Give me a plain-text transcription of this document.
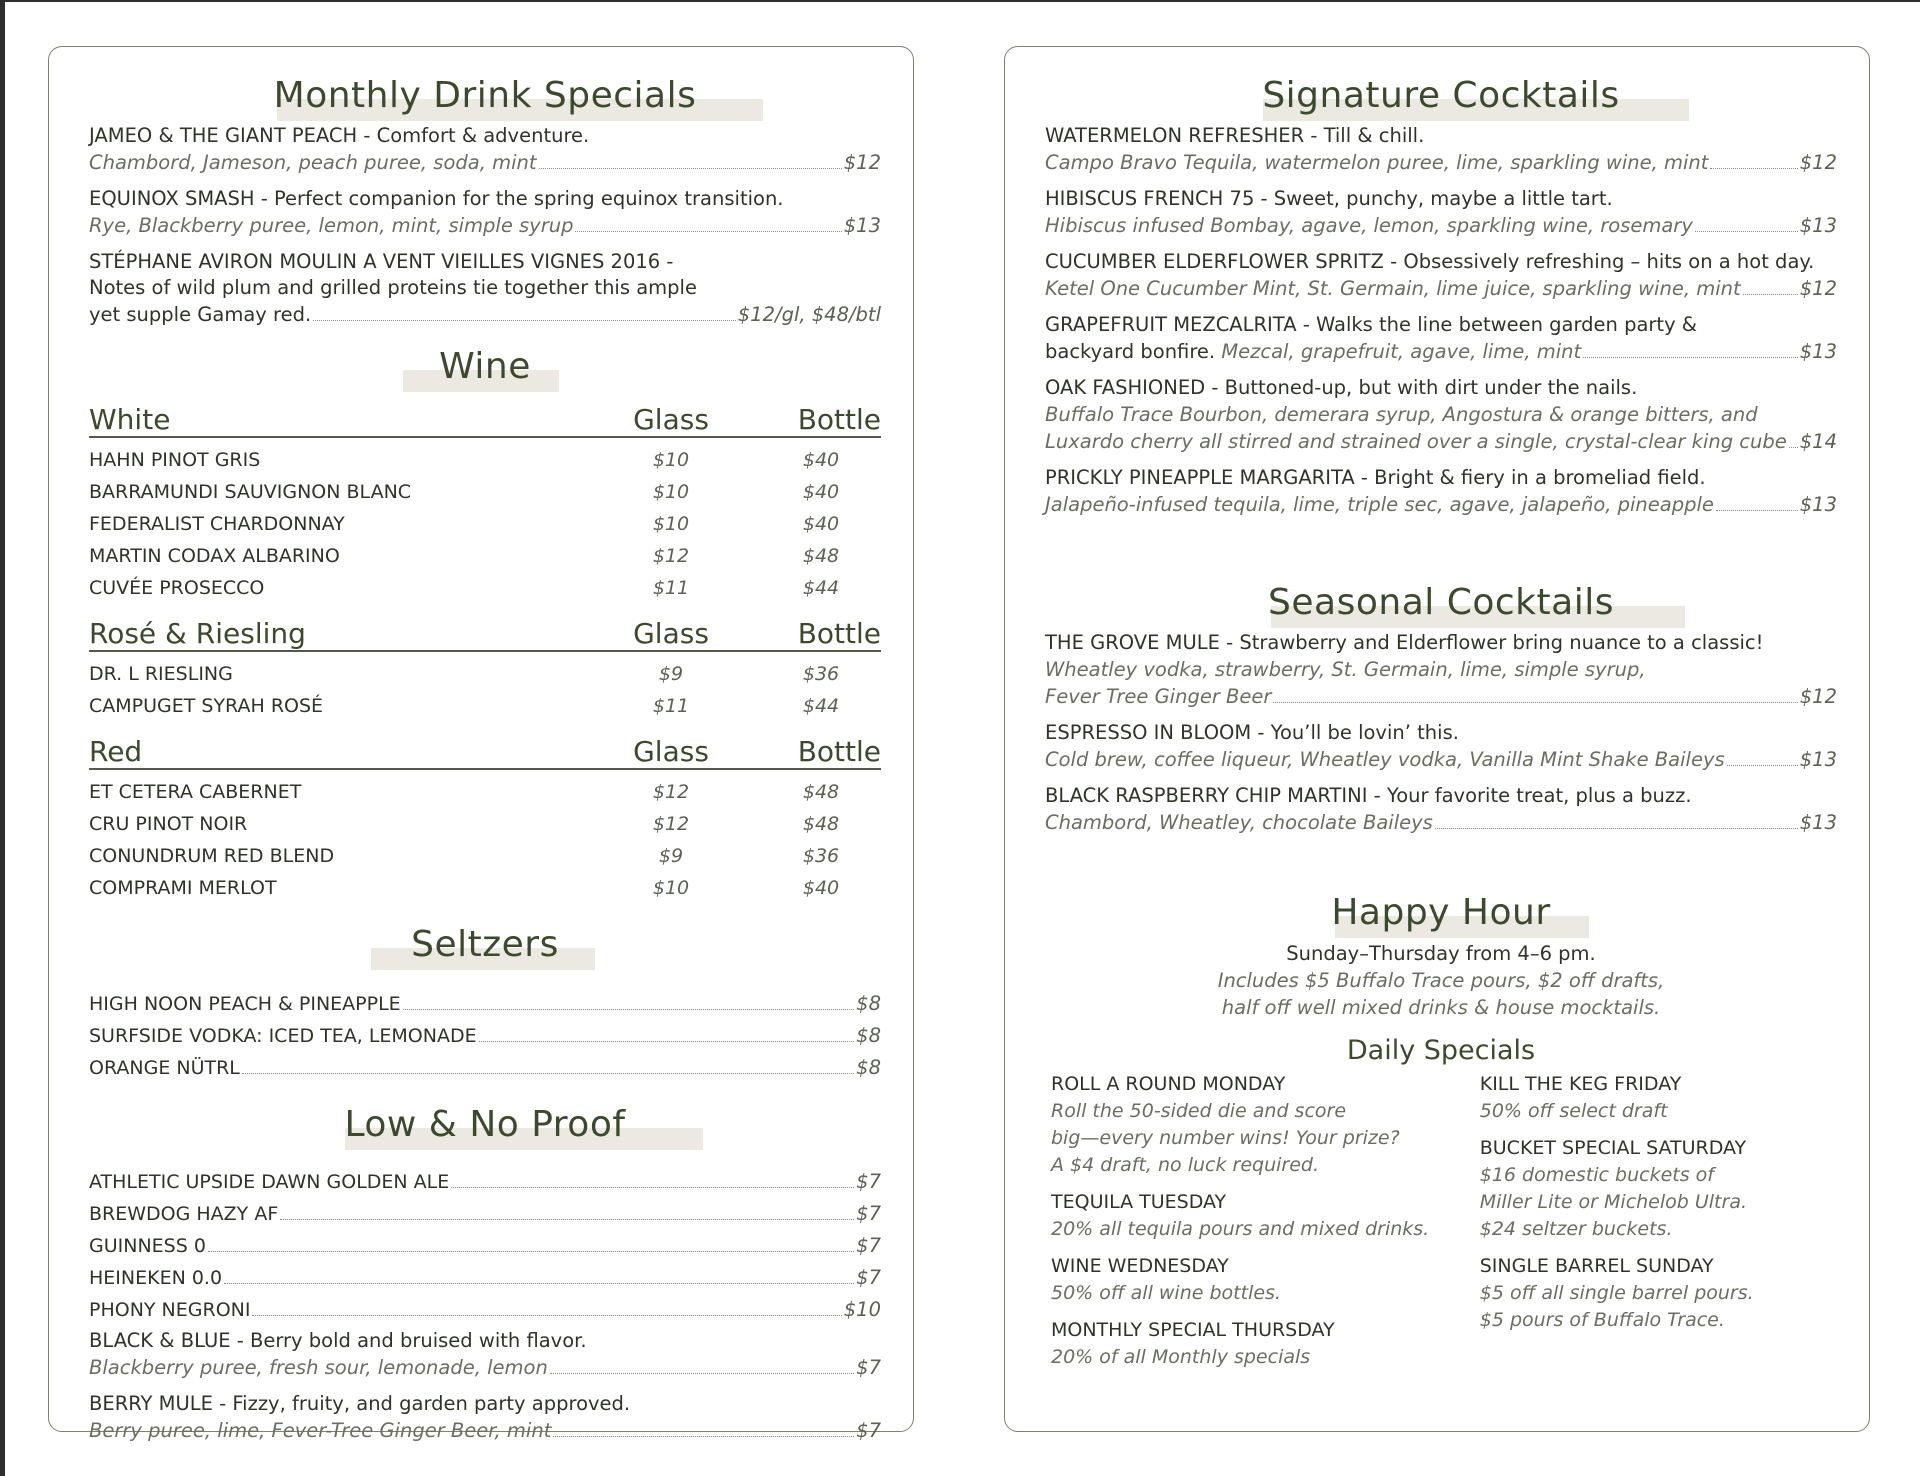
Monthly Drink Specials
JAMEO & THE GIANT PEACH - Comfort & adventure.
Chambord, Jameson, peach puree, soda, mint	$12
EQUINOX SMASH - Perfect companion for the spring equinox transition.
Rye, Blackberry puree, lemon, mint, simple syrup	$13
STÉPHANE AVIRON MOULIN A VENT VIEILLES VIGNES 2016 -
Notes of wild plum and grilled proteins tie together this ample
yet supple Gamay red.	$12/gl, $48/btl
Wine
White	Glass	Bottle
HAHN PINOT GRIS	$10	$40
BARRAMUNDI SAUVIGNON BLANC	$10	$40
FEDERALIST CHARDONNAY	$10	$40
MARTIN CODAX ALBARINO	$12	$48
CUVÉE PROSECCO	$11	$44
Rosé & Riesling	Glass	Bottle
DR. L RIESLING	$9	$36
CAMPUGET SYRAH ROSÉ	$11	$44
Red	Glass	Bottle
ET CETERA CABERNET	$12	$48
CRU PINOT NOIR	$12	$48
CONUNDRUM RED BLEND	$9	$36
COMPRAMI MERLOT	$10	$40
Seltzers
HIGH NOON PEACH & PINEAPPLE	$8
SURFSIDE VODKA: ICED TEA, LEMONADE	$8
ORANGE NÜTRL	$8
Low & No Proof
ATHLETIC UPSIDE DAWN GOLDEN ALE	$7
BREWDOG HAZY AF	$7
GUINNESS 0	$7
HEINEKEN 0.0	$7
PHONY NEGRONI	$10
BLACK & BLUE - Berry bold and bruised with flavor.
Blackberry puree, fresh sour, lemonade, lemon	$7
BERRY MULE - Fizzy, fruity, and garden party approved.
Berry puree, lime, Fever-Tree Ginger Beer, mint	$7
Signature Cocktails
WATERMELON REFRESHER - Till & chill.
Campo Bravo Tequila, watermelon puree, lime, sparkling wine, mint	$12
HIBISCUS FRENCH 75 - Sweet, punchy, maybe a little tart.
Hibiscus infused Bombay, agave, lemon, sparkling wine, rosemary	$13
CUCUMBER ELDERFLOWER SPRITZ - Obsessively refreshing – hits on a hot day.
Ketel One Cucumber Mint, St. Germain, lime juice, sparkling wine, mint	$12
GRAPEFRUIT MEZCALRITA - Walks the line between garden party &
backyard bonfire.
Mezcal, grapefruit, agave, lime, mint	$13
OAK FASHIONED - Buttoned-up, but with dirt under the nails.
Buffalo Trace Bourbon, demerara syrup, Angostura & orange bitters, and
Luxardo cherry all stirred and strained over a single, crystal-clear king cube $14
PRICKLY PINEAPPLE MARGARITA - Bright & fiery in a bromeliad field.
Jalapeño-infused tequila, lime, triple sec, agave, jalapeño, pineapple	$13
Seasonal Cocktails
THE GROVE MULE - Strawberry and Elderflower bring nuance to a classic!
Wheatley vodka, strawberry, St. Germain, lime, simple syrup,
Fever Tree Ginger Beer	$12
ESPRESSO IN BLOOM - You’ll be lovin’ this.
Cold brew, coffee liqueur, Wheatley vodka, Vanilla Mint Shake Baileys	$13
BLACK RASPBERRY CHIP MARTINI - Your favorite treat, plus a buzz.
Chambord, Wheatley, chocolate Baileys	$13
Happy Hour
Sunday–Thursday from 4–6 pm.
Includes $5 Buffalo Trace pours, $2 off drafts,
half off well mixed drinks & house mocktails.
Daily Specials
ROLL A ROUND MONDAY
Roll the 50-sided die and score
big—every number wins! Your prize?
A $4 draft, no luck required.
TEQUILA TUESDAY
20% all tequila pours and mixed drinks.
WINE WEDNESDAY
50% off all wine bottles.
MONTHLY SPECIAL THURSDAY
20% of all Monthly specials
KILL THE KEG FRIDAY
50% off select draft
BUCKET SPECIAL SATURDAY
$16 domestic buckets of
Miller Lite or Michelob Ultra.
$24 seltzer buckets.
SINGLE BARREL SUNDAY
$5 off all single barrel pours.
$5 pours of Buffalo Trace.
